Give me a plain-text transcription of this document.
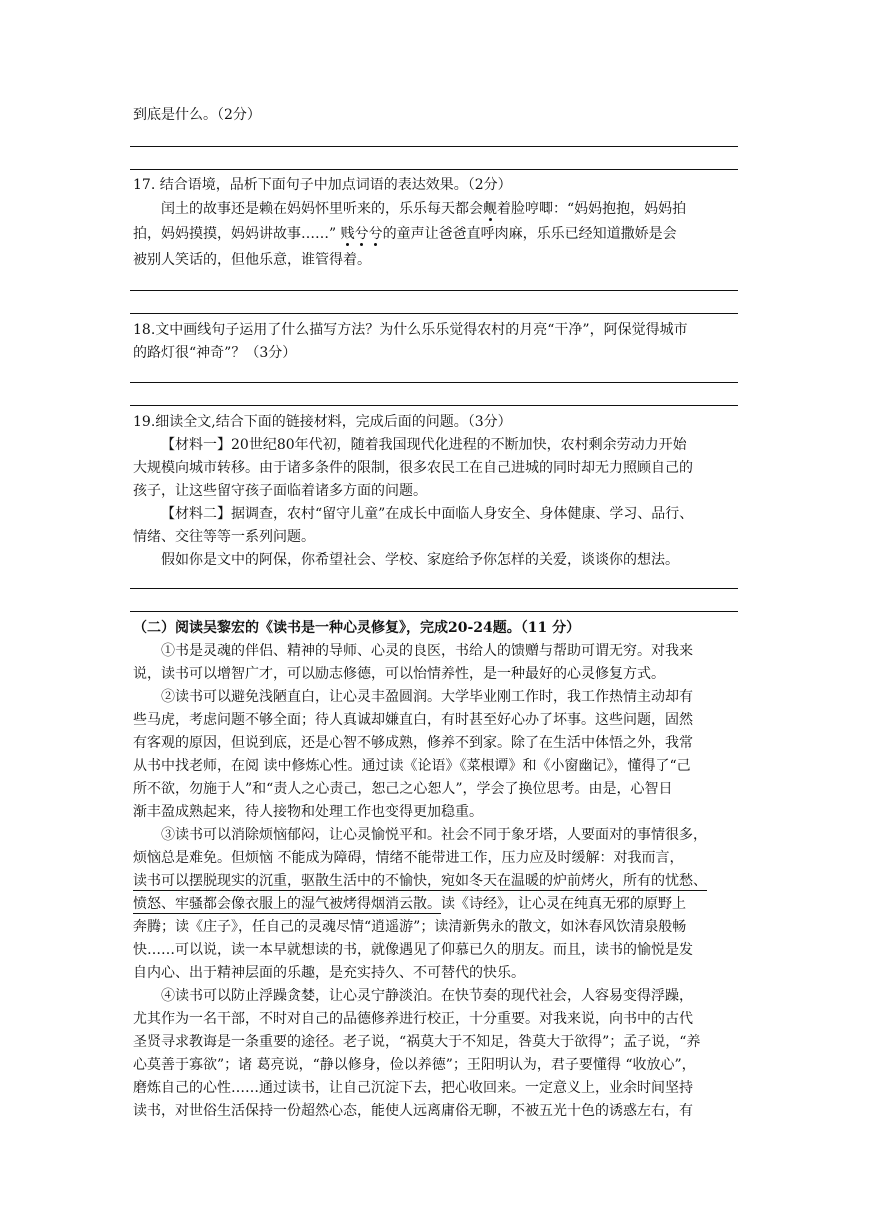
到底是什么。（2分）
17. 结合语境，品析下面句子中加点词语的表达效果。（2分）
闰土的故事还是赖在妈妈怀里听来的，乐乐每天都会觍着脸哼唧：“妈妈抱抱，妈妈拍
拍，妈妈摸摸，妈妈讲故事……” 贱兮兮的童声让爸爸直呼肉麻，乐乐已经知道撒娇是会
被别人笑话的，但他乐意，谁管得着。
18.文中画线句子运用了什么描写方法？为什么乐乐觉得农村的月亮“干净”，阿保觉得城市
的路灯很“神奇”？（3分）
19.细读全文,结合下面的链接材料，完成后面的问题。（3分）
【材料一】20世纪80年代初，随着我国现代化进程的不断加快，农村剩余劳动力开始
大规模向城市转移。由于诸多条件的限制，很多农民工在自己进城的同时却无力照顾自己的
孩子，让这些留守孩子面临着诸多方面的问题。
【材料二】据调查，农村“留守儿童”在成长中面临人身安全、身体健康、学习、品行、
情绪、交往等等一系列问题。
假如你是文中的阿保，你希望社会、学校、家庭给予你怎样的关爱，谈谈你的想法。
（二）阅读吴黎宏的《读书是一种心灵修复》，完成20-24题。（11 分）
①书是灵魂的伴侣、精神的导师、心灵的良医，书给人的馈赠与帮助可谓无穷。对我来
说，读书可以增智广才，可以励志修德，可以怡情养性，是一种最好的心灵修复方式。
②读书可以避免浅陋直白，让心灵丰盈圆润。大学毕业刚工作时，我工作热情主动却有
些马虎，考虑问题不够全面；待人真诚却嫌直白，有时甚至好心办了坏事。这些问题，固然
有客观的原因，但说到底，还是心智不够成熟，修养不到家。除了在生活中体悟之外，我常
从书中找老师，在阅 读中修炼心性。通过读《论语》《菜根谭》和《小窗幽记》，懂得了“己
所不欲，勿施于人”和“责人之心责己，恕己之心恕人”，学会了换位思考。由是，心智日
渐丰盈成熟起来，待人接物和处理工作也变得更加稳重。
③读书可以消除烦恼郁闷，让心灵愉悦平和。社会不同于象牙塔，人要面对的事情很多，
烦恼总是难免。但烦恼 不能成为障碍，情绪不能带进工作，压力应及时缓解：对我而言，
读书可以摆脱现实的沉重，驱散生活中的不愉快，宛如冬天在温暖的炉前烤火，所有的忧愁、
愤怒、牢骚都会像衣服上的湿气被烤得烟消云散。读《诗经》，让心灵在纯真无邪的原野上
奔腾；读《庄子》，任自己的灵魂尽情“逍遥游”；读清新隽永的散文，如沐春风饮清泉般畅
快……可以说，读一本早就想读的书，就像遇见了仰慕已久的朋友。而且，读书的愉悦是发
自内心、出于精神层面的乐趣，是充实持久、不可替代的快乐。
④读书可以防止浮躁贪婪，让心灵宁静淡泊。在快节奏的现代社会，人容易变得浮躁，
尤其作为一名干部，不时对自己的品德修养进行校正，十分重要。对我来说，向书中的古代
圣贤寻求教诲是一条重要的途径。老子说，“祸莫大于不知足，咎莫大于欲得”；孟子说，“养
心莫善于寡欲”；诸 葛亮说，“静以修身，俭以养德”；王阳明认为，君子要懂得 “收放心”，
磨炼自己的心性……通过读书，让自己沉淀下去，把心收回来。一定意义上，业余时间坚持
读书，对世俗生活保持一份超然心态，能使人远离庸俗无聊，不被五光十色的诱惑左右，有
